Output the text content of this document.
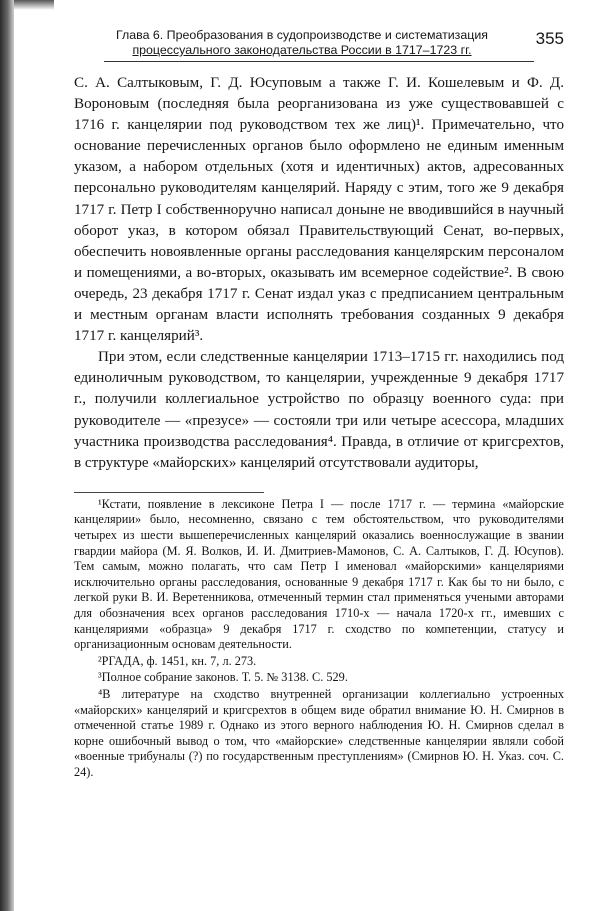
Глава 6. Преобразования в судопроизводстве и систематизация
процессуального законодательства России в 1717–1723 гг.
355

С. А. Салтыковым, Г. Д. Юсуповым а также Г. И. Кошелевым и Ф. Д. Вороновым (последняя была реорганизована из уже существовавшей с 1716 г. канцелярии под руководством тех же лиц)¹. Примечательно, что основание перечисленных органов было оформлено не единым именным указом, а набором отдельных (хотя и идентичных) актов, адресованных персонально руководителям канцелярий. Наряду с этим, того же 9 декабря 1717 г. Петр I собственноручно написал доныне не вводившийся в научный оборот указ, в котором обязал Правительствующий Сенат, во-первых, обеспечить новоявленные органы расследования канцелярским персоналом и помещениями, а во-вторых, оказывать им всемерное содействие². В свою очередь, 23 декабря 1717 г. Сенат издал указ с предписанием центральным и местным органам власти исполнять требования созданных 9 декабря 1717 г. канцелярий³.

При этом, если следственные канцелярии 1713–1715 гг. находились под единоличным руководством, то канцелярии, учрежденные 9 декабря 1717 г., получили коллегиальное устройство по образцу военного суда: при руководителе — «презусе» — состояли три или четыре асессора, младших участника производства расследования⁴. Правда, в отличие от кригсрехтов, в структуре «майорских» канцелярий отсутствовали аудиторы,

¹Кстати, появление в лексиконе Петра I — после 1717 г. — термина «майорские канцелярии» было, несомненно, связано с тем обстоятельством, что руководителями четырех из шести вышеперечисленных канцелярий оказались военнослужащие в звании гвардии майора (М. Я. Волков, И. И. Дмитриев-Мамонов, С. А. Салтыков, Г. Д. Юсупов). Тем самым, можно полагать, что сам Петр I именовал «майорскими» канцеляриями исключительно органы расследования, основанные 9 декабря 1717 г. Как бы то ни было, с легкой руки В. И. Веретенникова, отмеченный термин стал применяться учеными авторами для обозначения всех органов расследования 1710-х — начала 1720-х гг., имевших с канцеляриями «образца» 9 декабря 1717 г. сходство по компетенции, статусу и организационным основам деятельности.

²РГАДА, ф. 1451, кн. 7, л. 273.

³Полное собрание законов. Т. 5. № 3138. С. 529.

⁴В литературе на сходство внутренней организации коллегиально устроенных «майорских» канцелярий и кригсрехтов в общем виде обратил внимание Ю. Н. Смирнов в отмеченной статье 1989 г. Однако из этого верного наблюдения Ю. Н. Смирнов сделал в корне ошибочный вывод о том, что «майорские» следственные канцелярии являли собой «военные трибуналы (?) по государственным преступлениям» (Смирнов Ю. Н. Указ. соч. С. 24).
